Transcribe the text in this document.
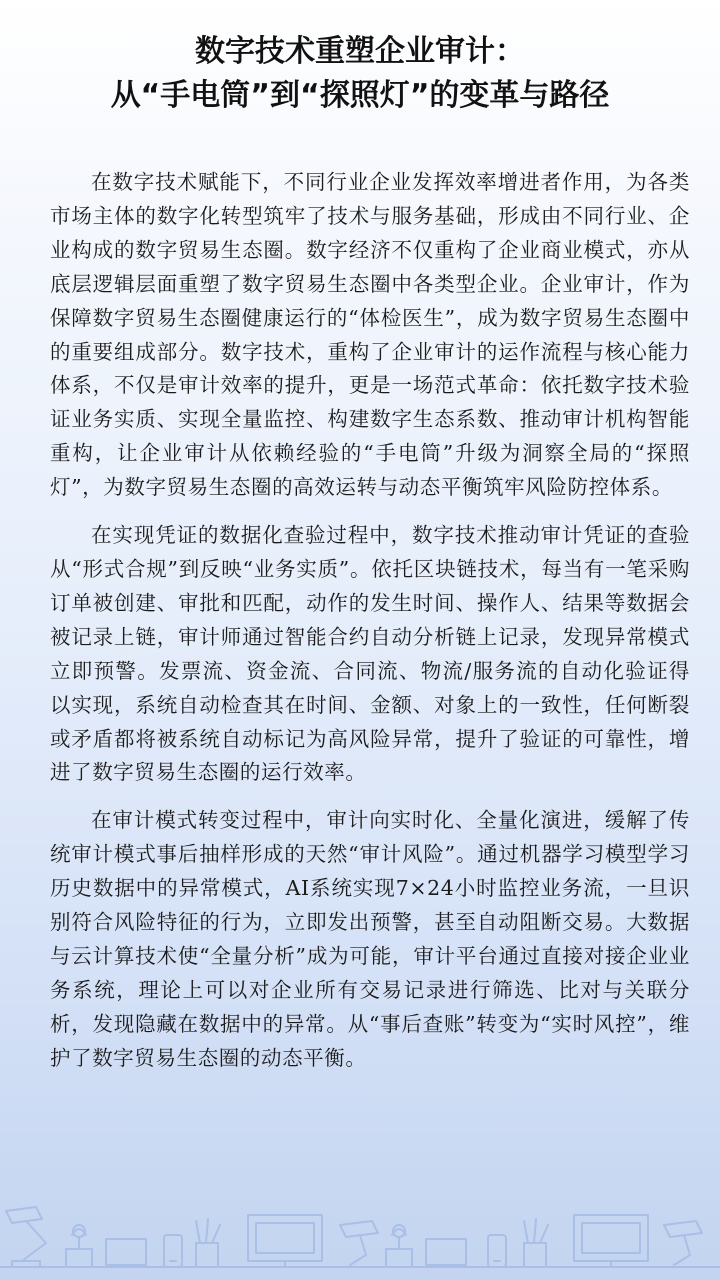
数字技术重塑企业审计：
从“手电筒”到“探照灯”的变革与路径

在数字技术赋能下，不同行业企业发挥效率增进者作用，为各类市场主体的数字化转型筑牢了技术与服务基础，形成由不同行业、企业构成的数字贸易生态圈。数字经济不仅重构了企业商业模式，亦从底层逻辑层面重塑了数字贸易生态圈中各类型企业。企业审计，作为保障数字贸易生态圈健康运行的“体检医生”，成为数字贸易生态圈中的重要组成部分。数字技术，重构了企业审计的运作流程与核心能力体系，不仅是审计效率的提升，更是一场范式革命：依托数字技术验证业务实质、实现全量监控、构建数字生态系数、推动审计机构智能重构，让企业审计从依赖经验的“手电筒”升级为洞察全局的“探照灯”，为数字贸易生态圈的高效运转与动态平衡筑牢风险防控体系。

在实现凭证的数据化查验过程中，数字技术推动审计凭证的查验从“形式合规”到反映“业务实质”。依托区块链技术，每当有一笔采购订单被创建、审批和匹配，动作的发生时间、操作人、结果等数据会被记录上链，审计师通过智能合约自动分析链上记录，发现异常模式立即预警。发票流、资金流、合同流、物流/服务流的自动化验证得以实现，系统自动检查其在时间、金额、对象上的一致性，任何断裂或矛盾都将被系统自动标记为高风险异常，提升了验证的可靠性，增进了数字贸易生态圈的运行效率。

在审计模式转变过程中，审计向实时化、全量化演进，缓解了传统审计模式事后抽样形成的天然“审计风险”。通过机器学习模型学习历史数据中的异常模式，AI系统实现7×24小时监控业务流，一旦识别符合风险特征的行为，立即发出预警，甚至自动阻断交易。大数据与云计算技术使“全量分析”成为可能，审计平台通过直接对接企业业务系统，理论上可以对企业所有交易记录进行筛选、比对与关联分析，发现隐藏在数据中的异常。从“事后查账”转变为“实时风控”，维护了数字贸易生态圈的动态平衡。
